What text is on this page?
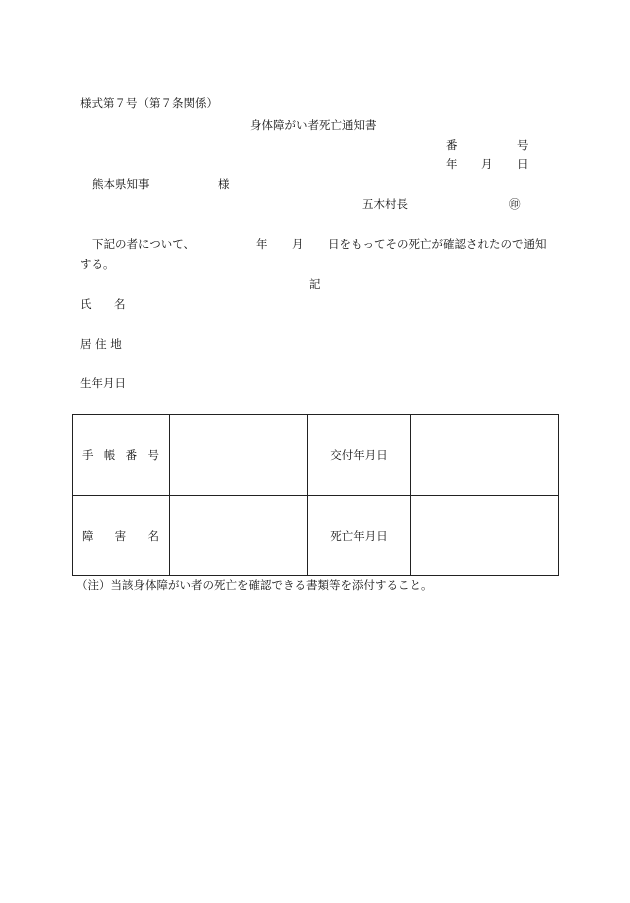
様式第７号（第７条関係）
身体障がい者死亡通知書
番	号
年 月 日
熊本県知事	様
五木村長	㊞
下記の者について、	年 月 日をもってその死亡が確認されたので通知
する。
記
氏 名
居 住 地
生年月日
手 帳 番 号		交付年月日	

障 害 名		死亡年月日	
（注）当該身体障がい者の死亡を確認できる書類等を添付すること。
